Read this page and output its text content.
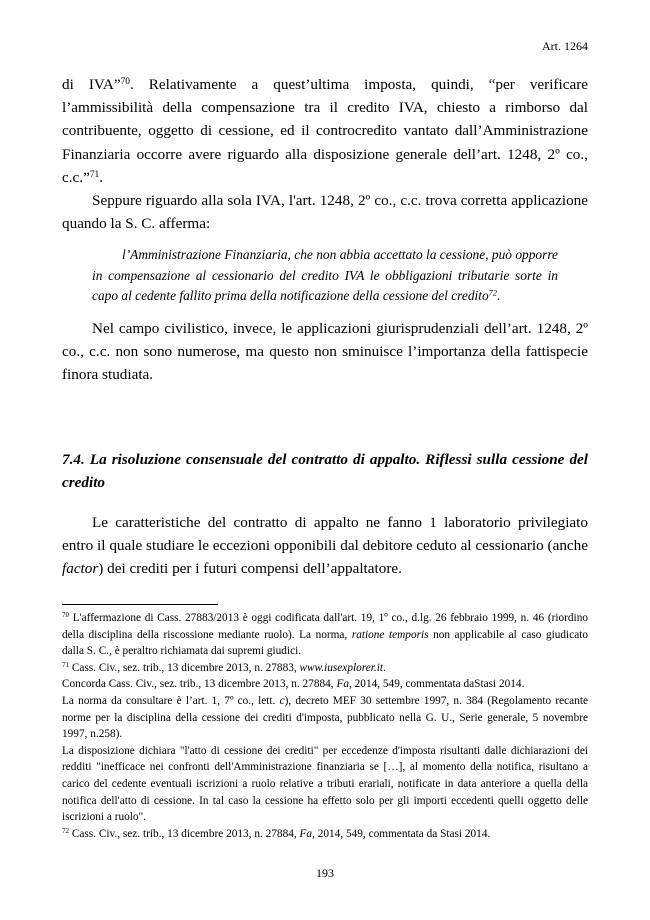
Art. 1264

di IVA”$^{70}$. Relativamente a quest’ultima imposta, quindi, “per verificare l’ammissibilità della compensazione tra il credito IVA, chiesto a rimborso dal contribuente, oggetto di cessione, ed il controcredito vantato dall’Amministrazione Finanziaria occorre avere riguardo alla disposizione generale dell’art. 1248, 2º co., c.c.”$^{71}$.

Seppure riguardo alla sola IVA, l'art. 1248, 2º co., c.c. trova corretta applicazione quando la S. C. afferma:

l’Amministrazione Finanziaria, che non abbia accettato la cessione, può opporre in compensazione al cessionario del credito IVA le obbligazioni tributarie sorte in capo al cedente fallito prima della notificazione della cessione del credito$^{72}$.

Nel campo civilistico, invece, le applicazioni giurisprudenziali dell’art. 1248, 2º co., c.c. non sono numerose, ma questo non sminuisce l’importanza della fattispecie finora studiata.

7.4. La risoluzione consensuale del contratto di appalto. Riflessi sulla cessione del credito
Le caratteristiche del contratto di appalto ne fanno 1 laboratorio privilegiato entro il quale studiare le eccezioni opponibili dal debitore ceduto al cessionario (anche factor) dei crediti per i futuri compensi dell’appaltatore.

$^{70}$ L'affermazione di Cass. 27883/2013 è oggi codificata dall'art. 19, 1º co., d.lg. 26 febbraio 1999, n. 46 (riordino della disciplina della riscossione mediante ruolo). La norma, ratione temporis non applicabile al caso giudicato dalla S. C., è peraltro richiamata dai supremi giudici.

$^{71}$ Cass. Civ., sez. trib., 13 dicembre 2013, n. 27883, www.iusexplorer.it.

Concorda Cass. Civ., sez. trib., 13 dicembre 2013, n. 27884, Fa, 2014, 549, commentata daStasi 2014.

La norma da consultare è l’art. 1, 7º co., lett. c), decreto MEF 30 settembre 1997, n. 384 (Regolamento recante norme per la disciplina della cessione dei crediti d'imposta, pubblicato nella G. U., Serie generale, 5 novembre 1997, n.258).

La disposizione dichiara "l'atto di cessione dei crediti" per eccedenze d'imposta risultanti dalle dichiarazioni dei redditi "inefficace nei confronti dell'Amministrazione finanziaria se […], al momento della notifica, risultano a carico del cedente eventuali iscrizioni a ruolo relative a tributi erariali, notificate in data anteriore a quella della notifica dell'atto di cessione. In tal caso la cessione ha effetto solo per gli importi eccedenti quelli oggetto delle iscrizioni a ruolo".

$^{72}$ Cass. Civ., sez. trib., 13 dicembre 2013, n. 27884, Fa, 2014, 549, commentata da Stasi 2014.

193
